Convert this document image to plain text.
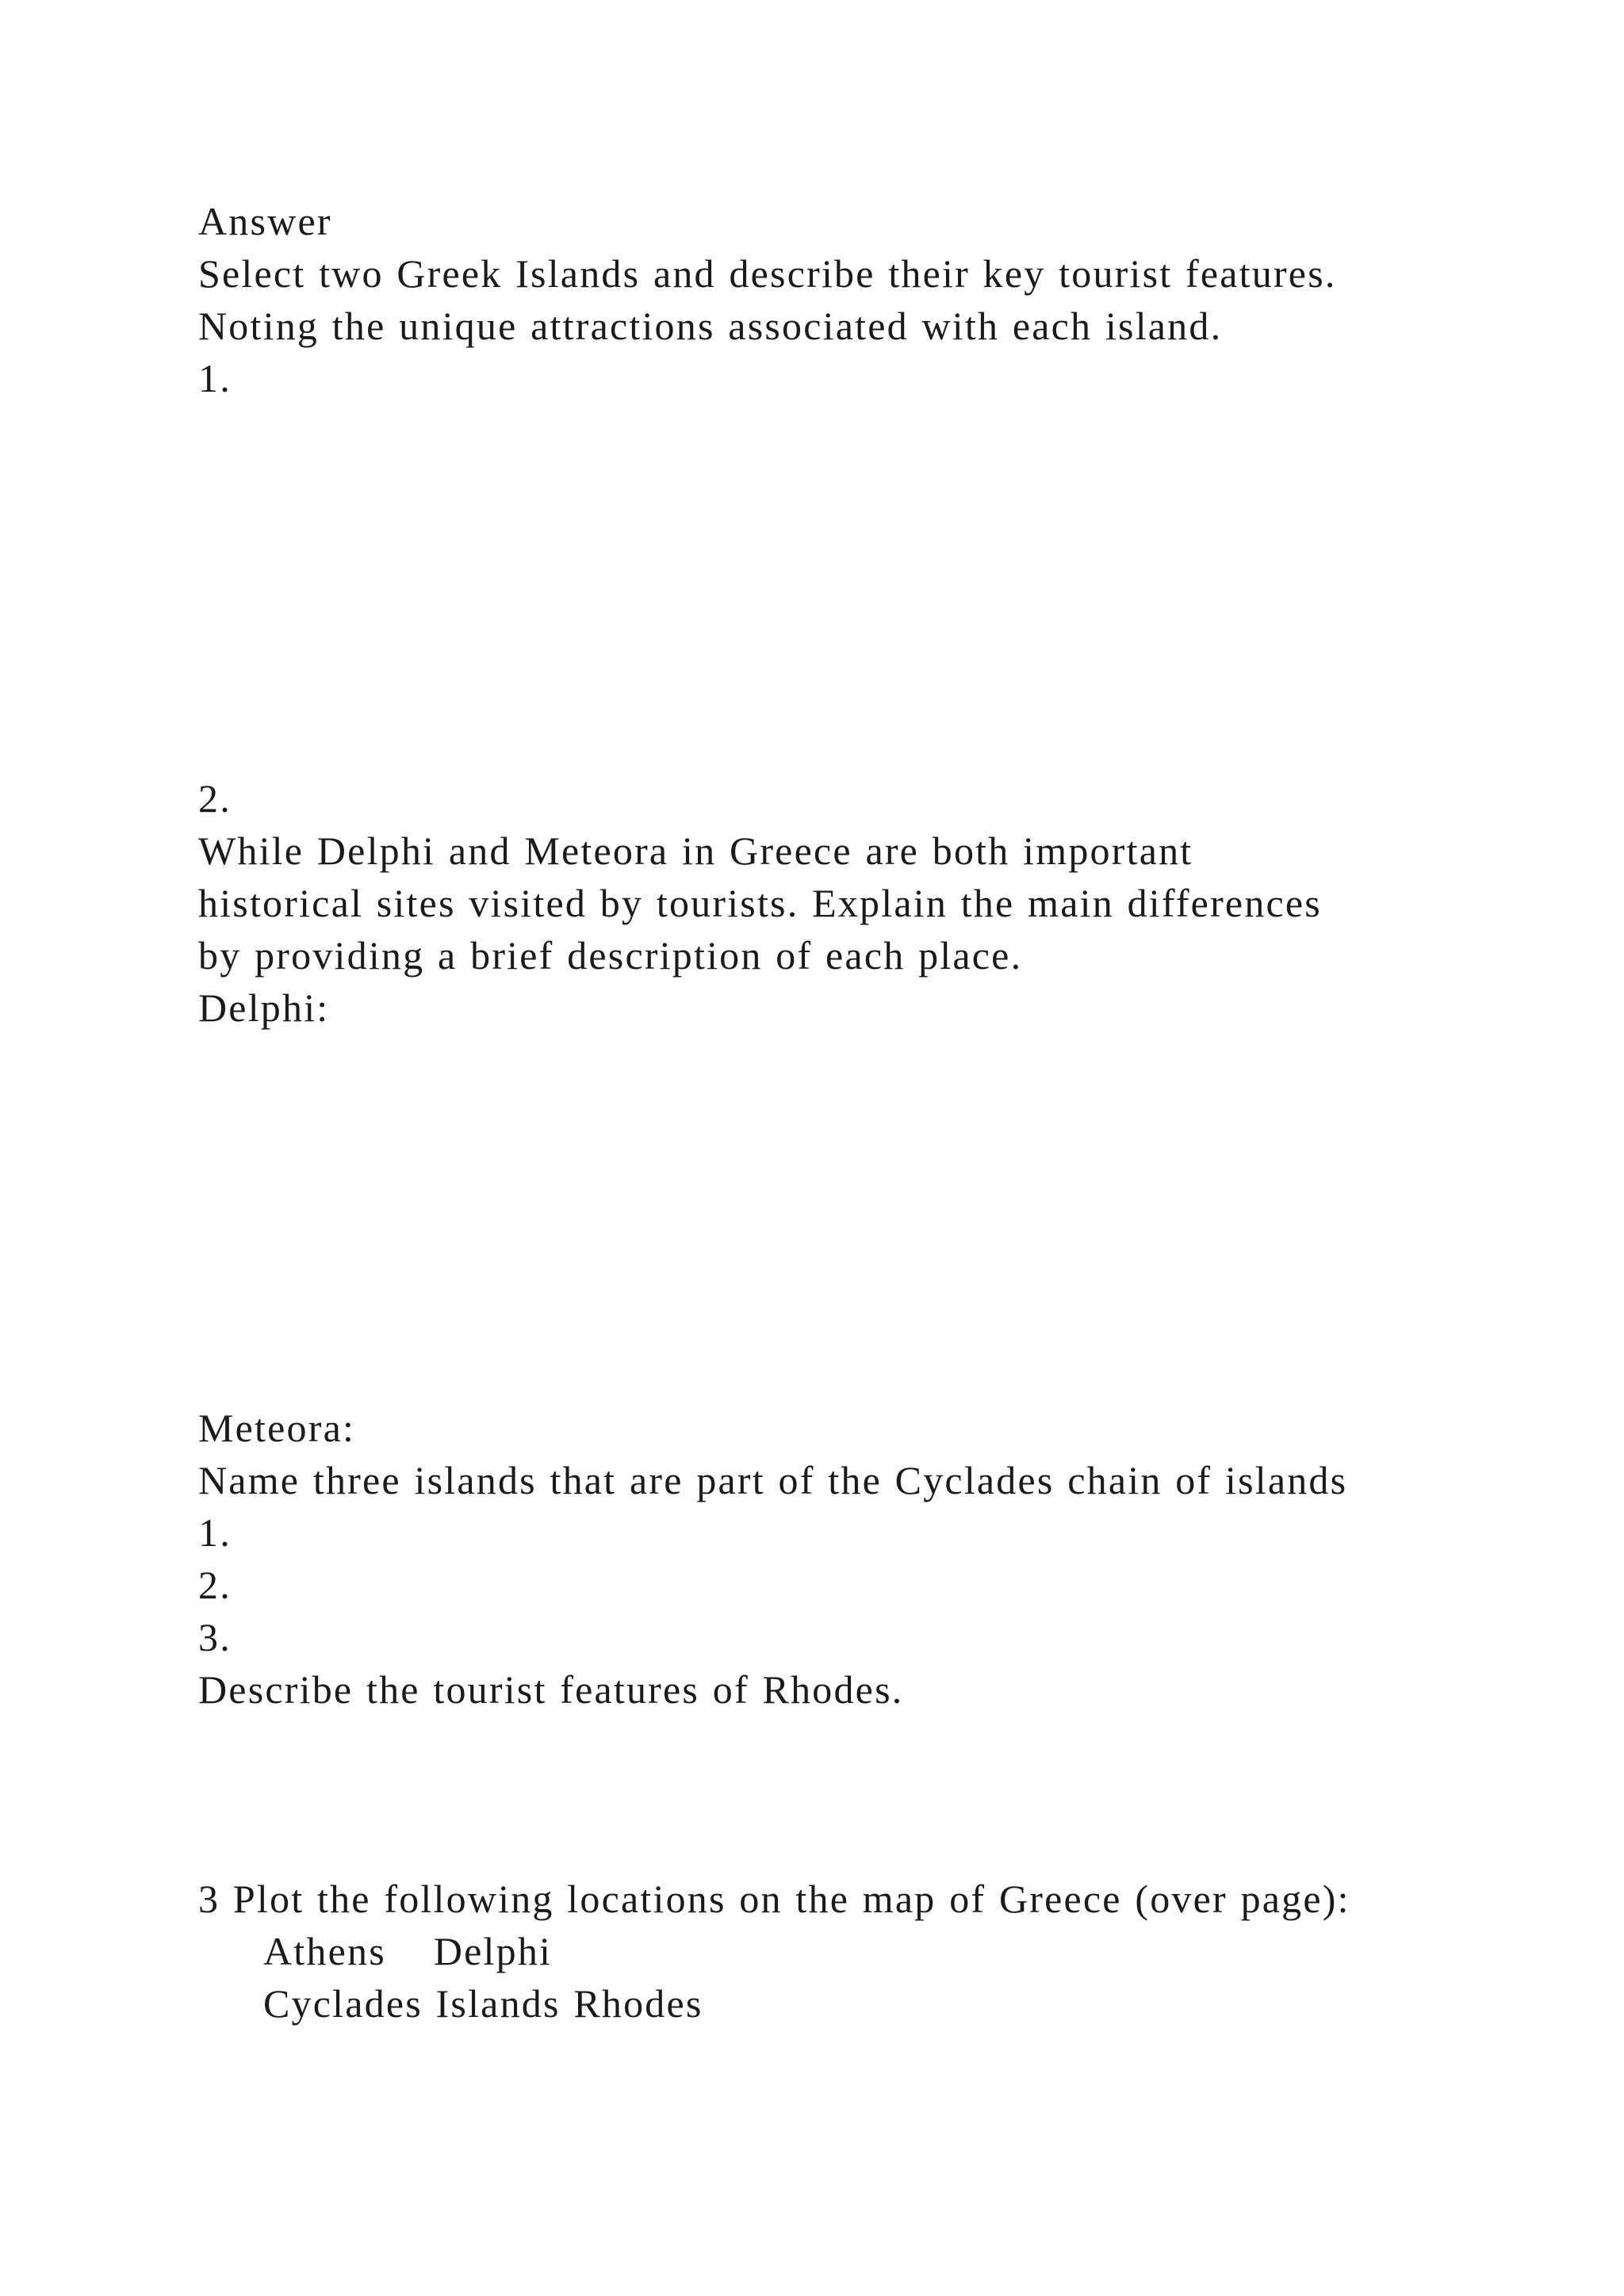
Answer
Select two Greek Islands and describe their key tourist features.
Noting the unique attractions associated with each island.
1.
2.
While Delphi and Meteora in Greece are both important
historical sites visited by tourists. Explain the main differences
by providing a brief description of each place.
Delphi:
Meteora:
Name three islands that are part of the Cyclades chain of islands
1.
2.
3.
Describe the tourist features of Rhodes.
3 Plot the following locations on the map of Greece (over page):
Athens Delphi
Cyclades Islands Rhodes
